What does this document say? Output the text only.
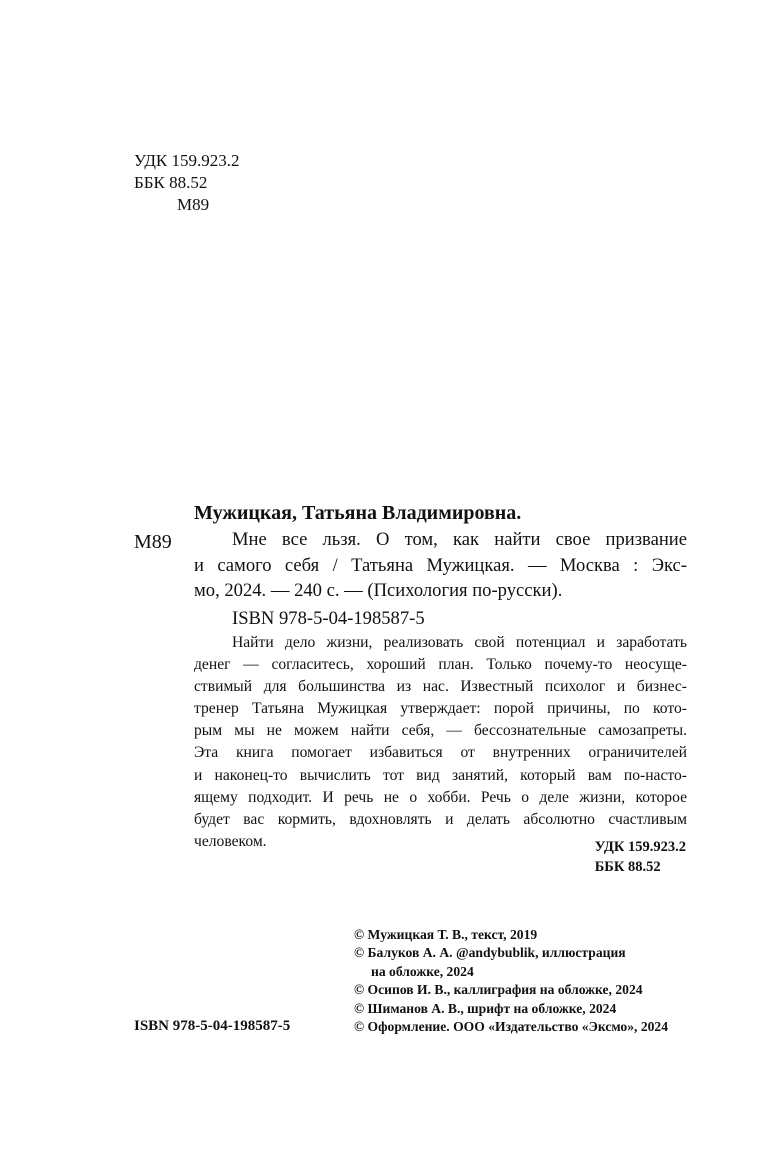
УДК 159.923.2
ББК 88.52
М89
Мужицкая, Татьяна Владимировна.
М89	Мне все льзя. О том, как найти свое призвание
и самого себя / Татьяна Мужицкая. — Москва : Экс-
мо, 2024. — 240 с. — (Психология по-русски).
ISBN 978-5-04-198587-5
Найти дело жизни, реализовать свой потенциал и заработать
денег — согласитесь, хороший план. Только почему-то неосуще-
ствимый для большинства из нас. Известный психолог и бизнес-
тренер Татьяна Мужицкая утверждает: порой причины, по кото-
рым мы не можем найти себя, — бессознательные самозапреты.
Эта книга помогает избавиться от внутренних ограничителей
и наконец-то вычислить тот вид занятий, который вам по-насто-
ящему подходит. И речь не о хобби. Речь о деле жизни, которое
будет вас кормить, вдохновлять и делать абсолютно счастливым
человеком.	УДК 159.923.2
ББК 88.52
ISBN 978-5-04-198587-5
© Мужицкая Т. В., текст, 2019
© Балуков А. А. @andybublik, иллюстрация
на обложке, 2024
© Осипов И. В., каллиграфия на обложке, 2024
© Шиманов А. В., шрифт на обложке, 2024
© Оформление. ООО «Издательство «Эксмо», 2024
